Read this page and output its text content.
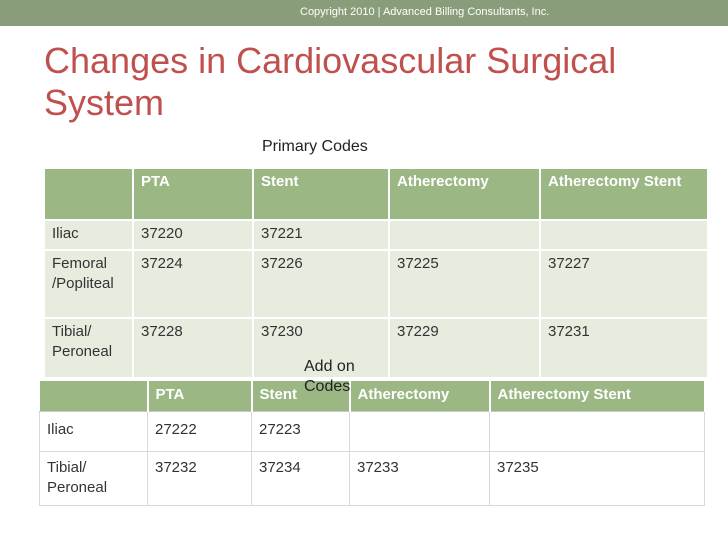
Copyright 2010 | Advanced Billing Consultants, Inc.
Changes in Cardiovascular Surgical System
Primary Codes
	PTA	Stent	Atherectomy	Atherectomy Stent
Iliac	37220	37221		
Femoral /Popliteal	37224	37226	37225	37227
Tibial/ Peroneal	37228	37230	37229	37231
Add on Codes
	PTA	Stent	Atherectomy	Atherectomy Stent
Iliac	27222	27223		
Tibial/ Peroneal	37232	37234	37233	37235
